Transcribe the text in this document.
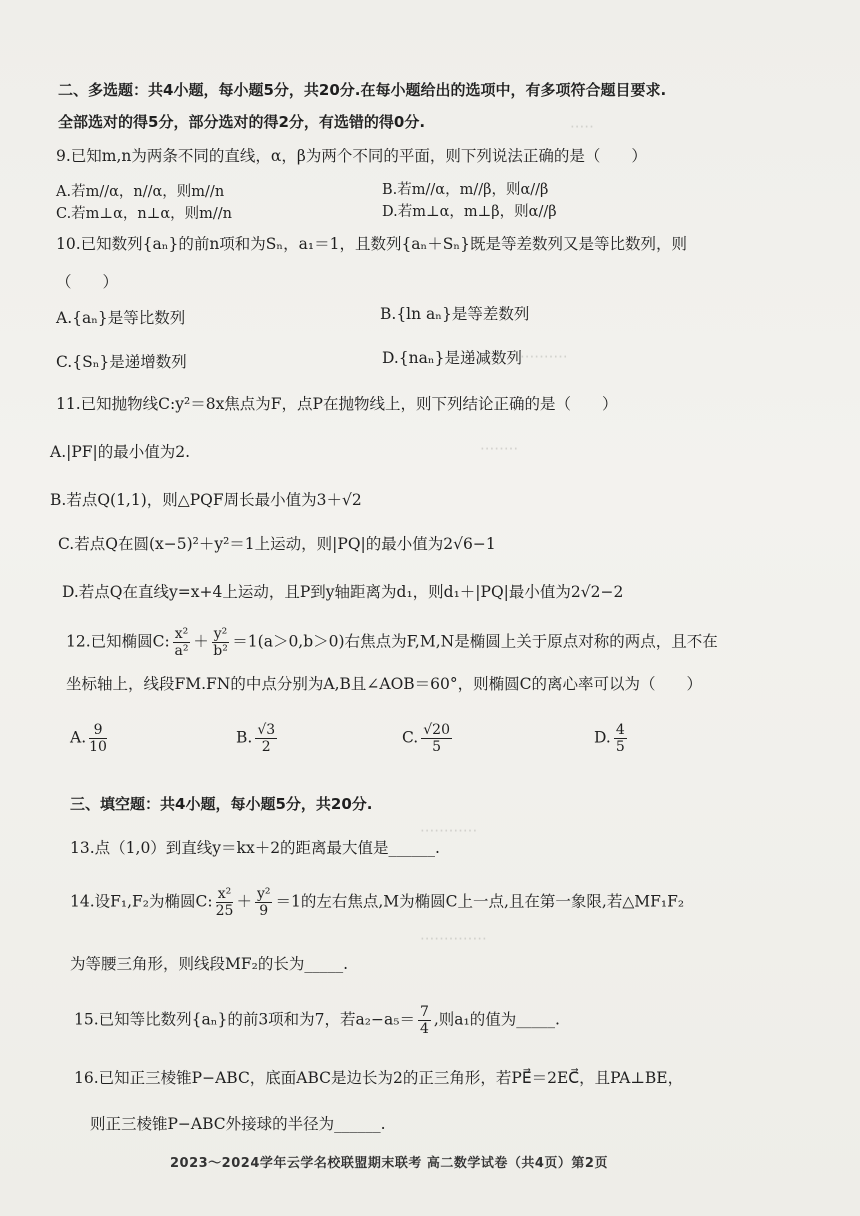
·····
··········
········
············
··············
二、多选题：共4小题，每小题5分，共20分.在每小题给出的选项中，有多项符合题目要求.
全部选对的得5分，部分选对的得2分，有选错的得0分.
9.已知m,n为两条不同的直线，α，β为两个不同的平面，则下列说法正确的是（　　）
A.若m//α，n//α，则m//n	B.若m//α，m//β，则α//β
C.若m⊥α，n⊥α，则m//n	D.若m⊥α，m⊥β，则α//β
10.已知数列{aₙ}的前n项和为Sₙ，a₁＝1，且数列{aₙ＋Sₙ}既是等差数列又是等比数列，则
（　　）
A.{aₙ}是等比数列	B.{ln aₙ}是等差数列
C.{Sₙ}是递增数列	D.{naₙ}是递减数列
11.已知抛物线C:y²＝8x焦点为F，点P在抛物线上，则下列结论正确的是（　　）
A.|PF|的最小值为2.
B.若点Q(1,1)，则△PQF周长最小值为3＋√2
C.若点Q在圆(x−5)²＋y²＝1上运动，则|PQ|的最小值为2√6−1
D.若点Q在直线y=x+4上运动，且P到y轴距离为d₁，则d₁＋|PQ|最小值为2√2−2
12.已知椭圆C: $\frac{\text{x²}}{\text{a²}} + \frac{\text{y²}}{\text{b²}} =1(a>0,b>0)$右焦点为F,M,N是椭圆上关于原点对称的两点，且不在
坐标轴上，线段FM.FN的中点分别为A,B且∠AOB＝60°，则椭圆C的离心率可以为（　　）
A. $\frac{9}{10}$	B. $\frac{√3}{2}$	C. $\frac{√20}{5}$	D. $\frac{4}{5}$
三、填空题：共4小题，每小题5分，共20分.
13.点（1,0）到直线y＝kx＋2的距离最大值是______.
14.设F₁,F₂为椭圆C: $\frac{\text{x²}}{25} + \frac{\text{y²}}{9} =1$的左右焦点,M为椭圆C上一点,且在第一象限,若△MF₁F₂
为等腰三角形，则线段MF₂的长为_____.
15.已知等比数列{aₙ}的前3项和为7，若$a_2-a_5= \frac{7}{4}$ ,则a₁的值为_____.
16.已知正三棱锥P−ABC，底面ABC是边长为2的正三角形，若PE⃗＝2EC⃗，且PA⊥BE，
则正三棱锥P−ABC外接球的半径为______.
2023～2024学年云学名校联盟期末联考 高二数学试卷（共4页）第2页
